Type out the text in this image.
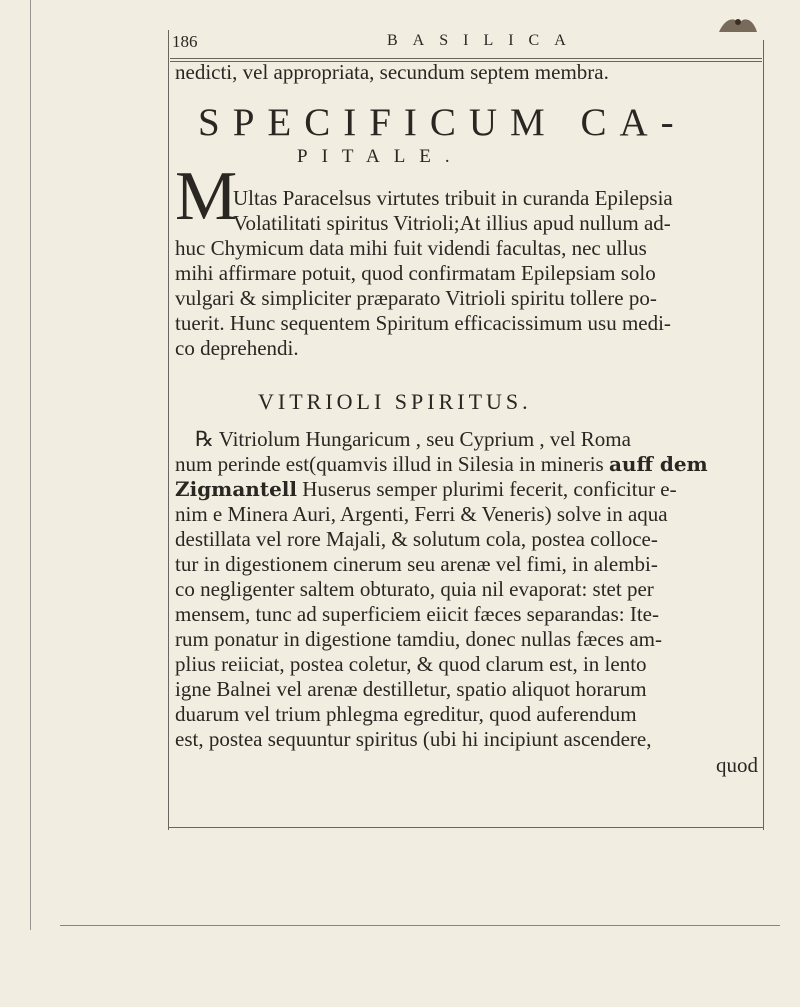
186	BASILICA
nedicti, vel appropriata, secundum septem membra.
SPECIFICUM CA-
PITALE.
M
Ultas Paracelsus virtutes tribuit in curanda Epilepsia
Volatilitati spiritus Vitrioli;At illius apud nullum ad-
huc Chymicum data mihi fuit videndi facultas, nec ullus
mihi affirmare potuit, quod confirmatam Epilepsiam solo
vulgari & simpliciter præparato Vitrioli spiritu tollere po-
tuerit. Hunc sequentem Spiritum efficacissimum usu medi-
co deprehendi.
VITRIOLI SPIRITUS.
℞ Vitriolum Hungaricum , seu Cyprium , vel Roma
num perinde est(quamvis illud in Silesia in mineris auff dem
Zigmantell Huserus semper plurimi fecerit, conficitur e-
nim e Minera Auri, Argenti, Ferri & Veneris) solve in aqua
destillata vel rore Majali, & solutum cola, postea colloce-
tur in digestionem cinerum seu arenæ vel fimi, in alembi-
co negligenter saltem obturato, quia nil evaporat: stet per
mensem, tunc ad superficiem eiicit fæces separandas: Ite-
rum ponatur in digestione tamdiu, donec nullas fæces am-
plius reiiciat, postea coletur, & quod clarum est, in lento
igne Balnei vel arenæ destilletur, spatio aliquot horarum
duarum vel trium phlegma egreditur, quod auferendum
est, postea sequuntur spiritus (ubi hi incipiunt ascendere,
quod
